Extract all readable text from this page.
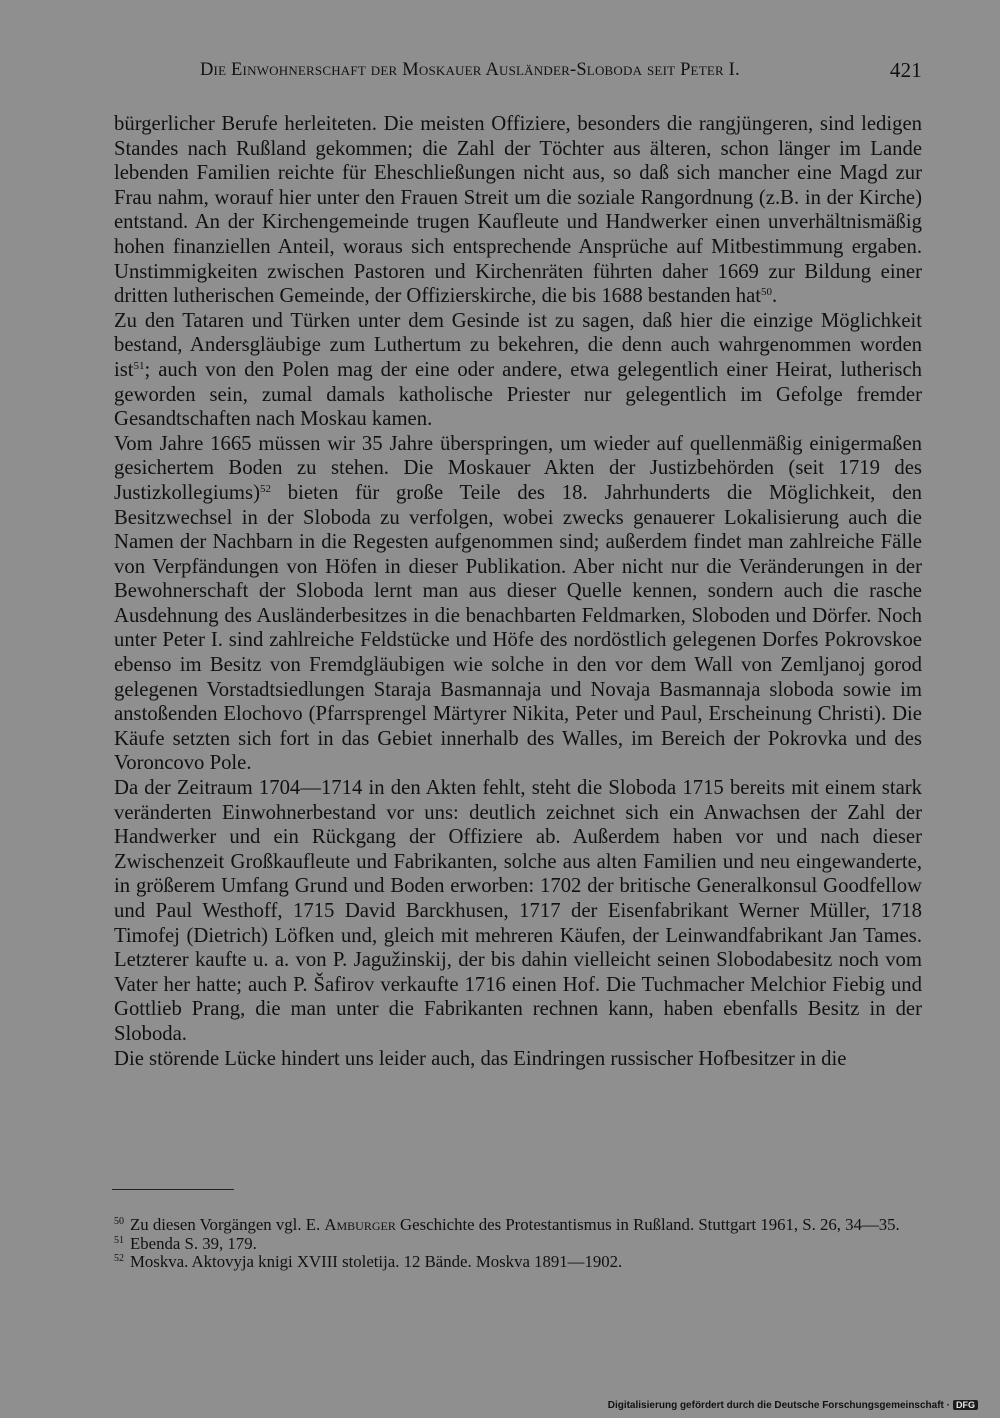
Die Einwohnerschaft der Moskauer Ausländer-Sloboda seit Peter I.	421

bürgerlicher Berufe herleiteten. Die meisten Offiziere, besonders die rangjüngeren, sind ledigen Standes nach Rußland gekommen; die Zahl der Töchter aus älteren, schon länger im Lande lebenden Familien reichte für Eheschließungen nicht aus, so daß sich mancher eine Magd zur Frau nahm, worauf hier unter den Frauen Streit um die soziale Rangordnung (z.B. in der Kirche) entstand. An der Kirchengemeinde trugen Kaufleute und Handwerker einen unverhältnismäßig hohen finanziellen Anteil, woraus sich entsprechende Ansprüche auf Mitbestimmung ergaben. Unstimmigkeiten zwischen Pastoren und Kirchenräten führten daher 1669 zur Bildung einer dritten lutherischen Gemeinde, der Offizierskirche, die bis 1688 bestanden hat$^{50}$.

Zu den Tataren und Türken unter dem Gesinde ist zu sagen, daß hier die einzige Möglichkeit bestand, Andersgläubige zum Luthertum zu bekehren, die denn auch wahrgenommen worden ist$^{51}$; auch von den Polen mag der eine oder andere, etwa gelegentlich einer Heirat, lutherisch geworden sein, zumal damals katholische Priester nur gelegentlich im Gefolge fremder Gesandtschaften nach Moskau kamen.

Vom Jahre 1665 müssen wir 35 Jahre überspringen, um wieder auf quellenmäßig einigermaßen gesichertem Boden zu stehen. Die Moskauer Akten der Justizbehörden (seit 1719 des Justizkollegiums)$^{52}$ bieten für große Teile des 18. Jahrhunderts die Möglichkeit, den Besitzwechsel in der Sloboda zu verfolgen, wobei zwecks genauerer Lokalisierung auch die Namen der Nachbarn in die Regesten aufgenommen sind; außerdem findet man zahlreiche Fälle von Verpfändungen von Höfen in dieser Publikation. Aber nicht nur die Veränderungen in der Bewohnerschaft der Sloboda lernt man aus dieser Quelle kennen, sondern auch die rasche Ausdehnung des Ausländerbesitzes in die benachbarten Feldmarken, Sloboden und Dörfer. Noch unter Peter I. sind zahlreiche Feldstücke und Höfe des nordöstlich gelegenen Dorfes Pokrovskoe ebenso im Besitz von Fremdgläubigen wie solche in den vor dem Wall von Zemljanoj gorod gelegenen Vorstadtsiedlungen Staraja Basmannaja und Novaja Basmannaja sloboda sowie im anstoßenden Elochovo (Pfarrsprengel Märtyrer Nikita, Peter und Paul, Erscheinung Christi). Die Käufe setzten sich fort in das Gebiet innerhalb des Walles, im Bereich der Pokrovka und des Voroncovo Pole.

Da der Zeitraum 1704—1714 in den Akten fehlt, steht die Sloboda 1715 bereits mit einem stark veränderten Einwohnerbestand vor uns: deutlich zeichnet sich ein Anwachsen der Zahl der Handwerker und ein Rückgang der Offiziere ab. Außerdem haben vor und nach dieser Zwischenzeit Großkaufleute und Fabrikanten, solche aus alten Familien und neu eingewanderte, in größerem Umfang Grund und Boden erworben: 1702 der britische Generalkonsul Goodfellow und Paul Westhoff, 1715 David Barckhusen, 1717 der Eisenfabrikant Werner Müller, 1718 Timofej (Dietrich) Löfken und, gleich mit mehreren Käufen, der Leinwandfabrikant Jan Tames. Letzterer kaufte u. a. von P. Jagužinskij, der bis dahin vielleicht seinen Slobodabesitz noch vom Vater her hatte; auch P. Šafirov verkaufte 1716 einen Hof. Die Tuchmacher Melchior Fiebig und Gottlieb Prang, die man unter die Fabrikanten rechnen kann, haben ebenfalls Besitz in der Sloboda.

Die störende Lücke hindert uns leider auch, das Eindringen russischer Hofbesitzer in die

$^{50}$ Zu diesen Vorgängen vgl. E. Amburger Geschichte des Protestantismus in Rußland. Stuttgart 1961, S. 26, 34—35.
$^{51}$ Ebenda S. 39, 179.
$^{52}$ Moskva. Aktovyja knigi XVIII stoletija. 12 Bände. Moskva 1891—1902.
Digitalisierung gefördert durch die Deutsche Forschungsgemeinschaft · DFG
